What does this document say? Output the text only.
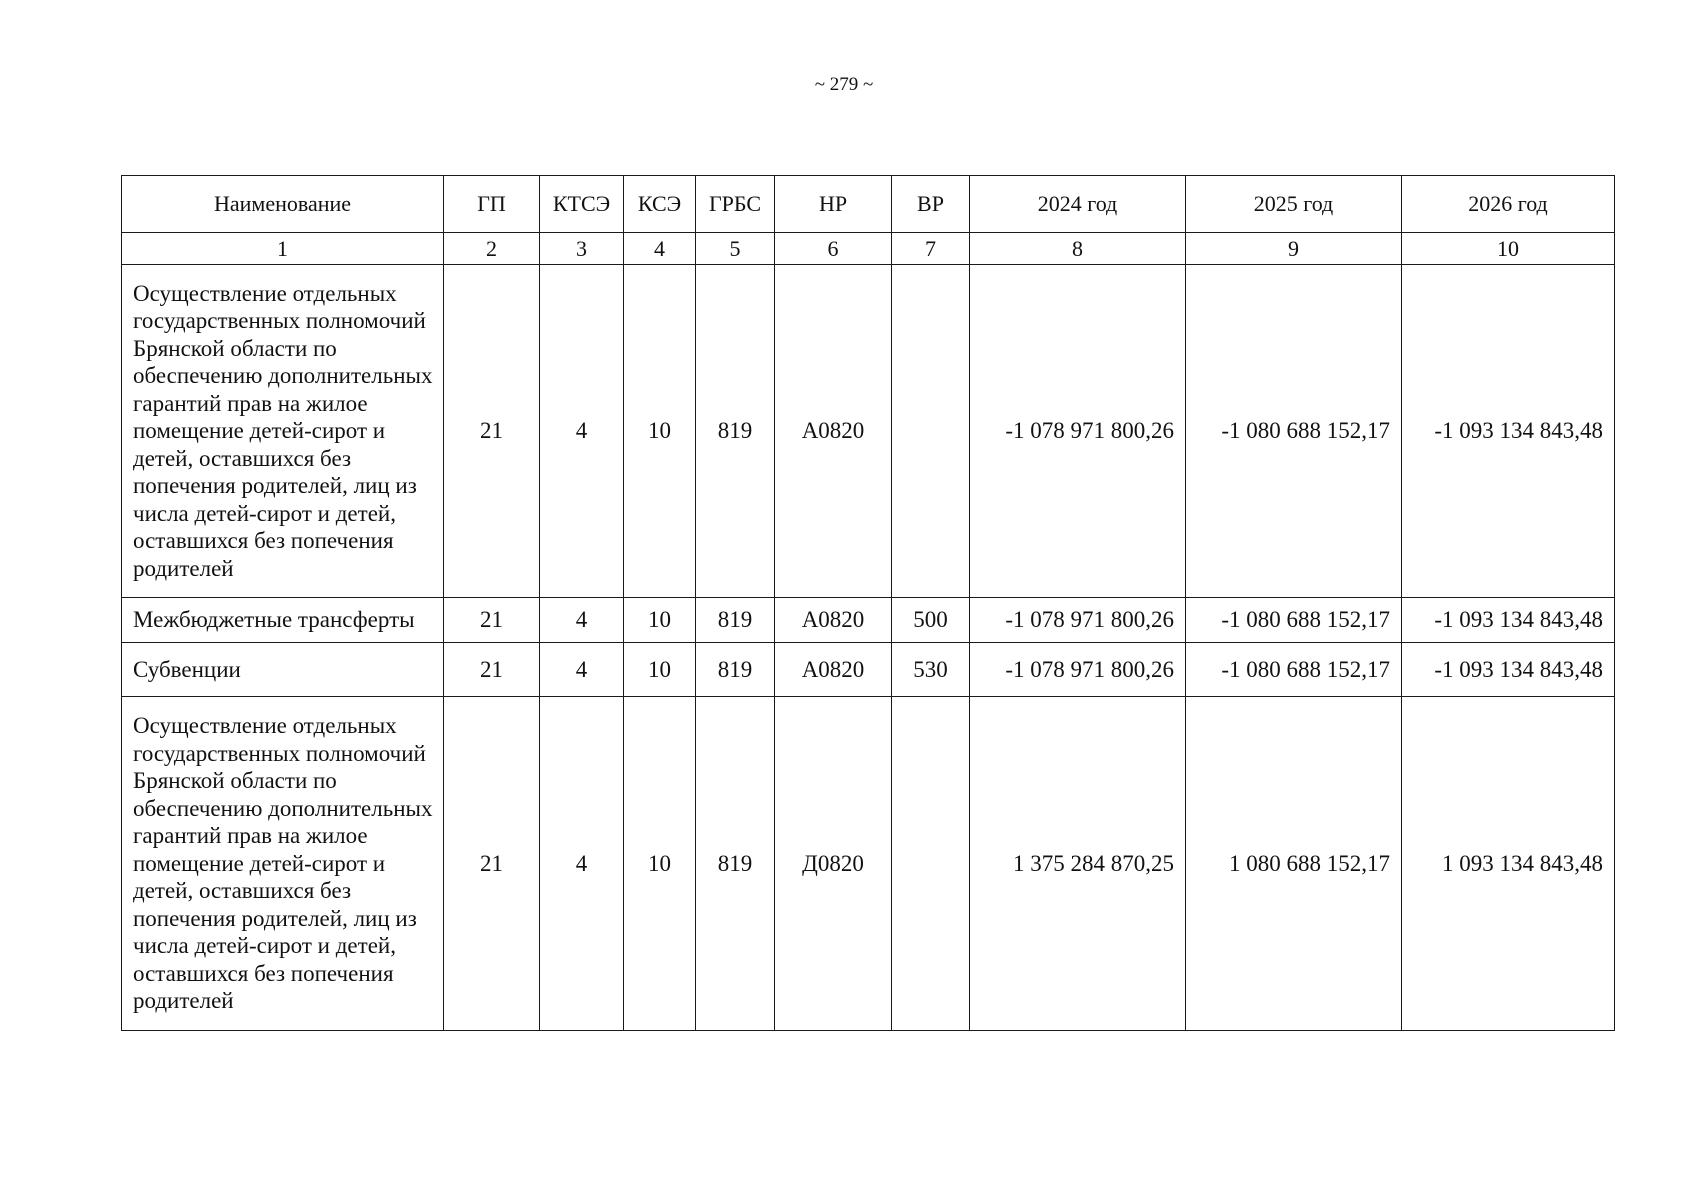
~ 279 ~
Наименование	ГП	КТСЭ	КСЭ	ГРБС	НР	ВР	2024 год	2025 год	2026 год
1	2	3	4	5	6	7	8	9	10
Осуществление отдельных государственных полномочий Брянской области по обеспечению дополнительных гарантий прав на жилое помещение детей-сирот и детей, оставшихся без попечения родителей, лиц из числа детей-сирот и детей, оставшихся без попечения родителей	21	4	10	819	А0820		-1 078 971 800,26	-1 080 688 152,17	-1 093 134 843,48
Межбюджетные трансферты	21	4	10	819	А0820	500	-1 078 971 800,26	-1 080 688 152,17	-1 093 134 843,48
Субвенции	21	4	10	819	А0820	530	-1 078 971 800,26	-1 080 688 152,17	-1 093 134 843,48
Осуществление отдельных государственных полномочий Брянской области по обеспечению дополнительных гарантий прав на жилое помещение детей-сирот и детей, оставшихся без попечения родителей, лиц из числа детей-сирот и детей, оставшихся без попечения родителей	21	4	10	819	Д0820		1 375 284 870,25	1 080 688 152,17	1 093 134 843,48
